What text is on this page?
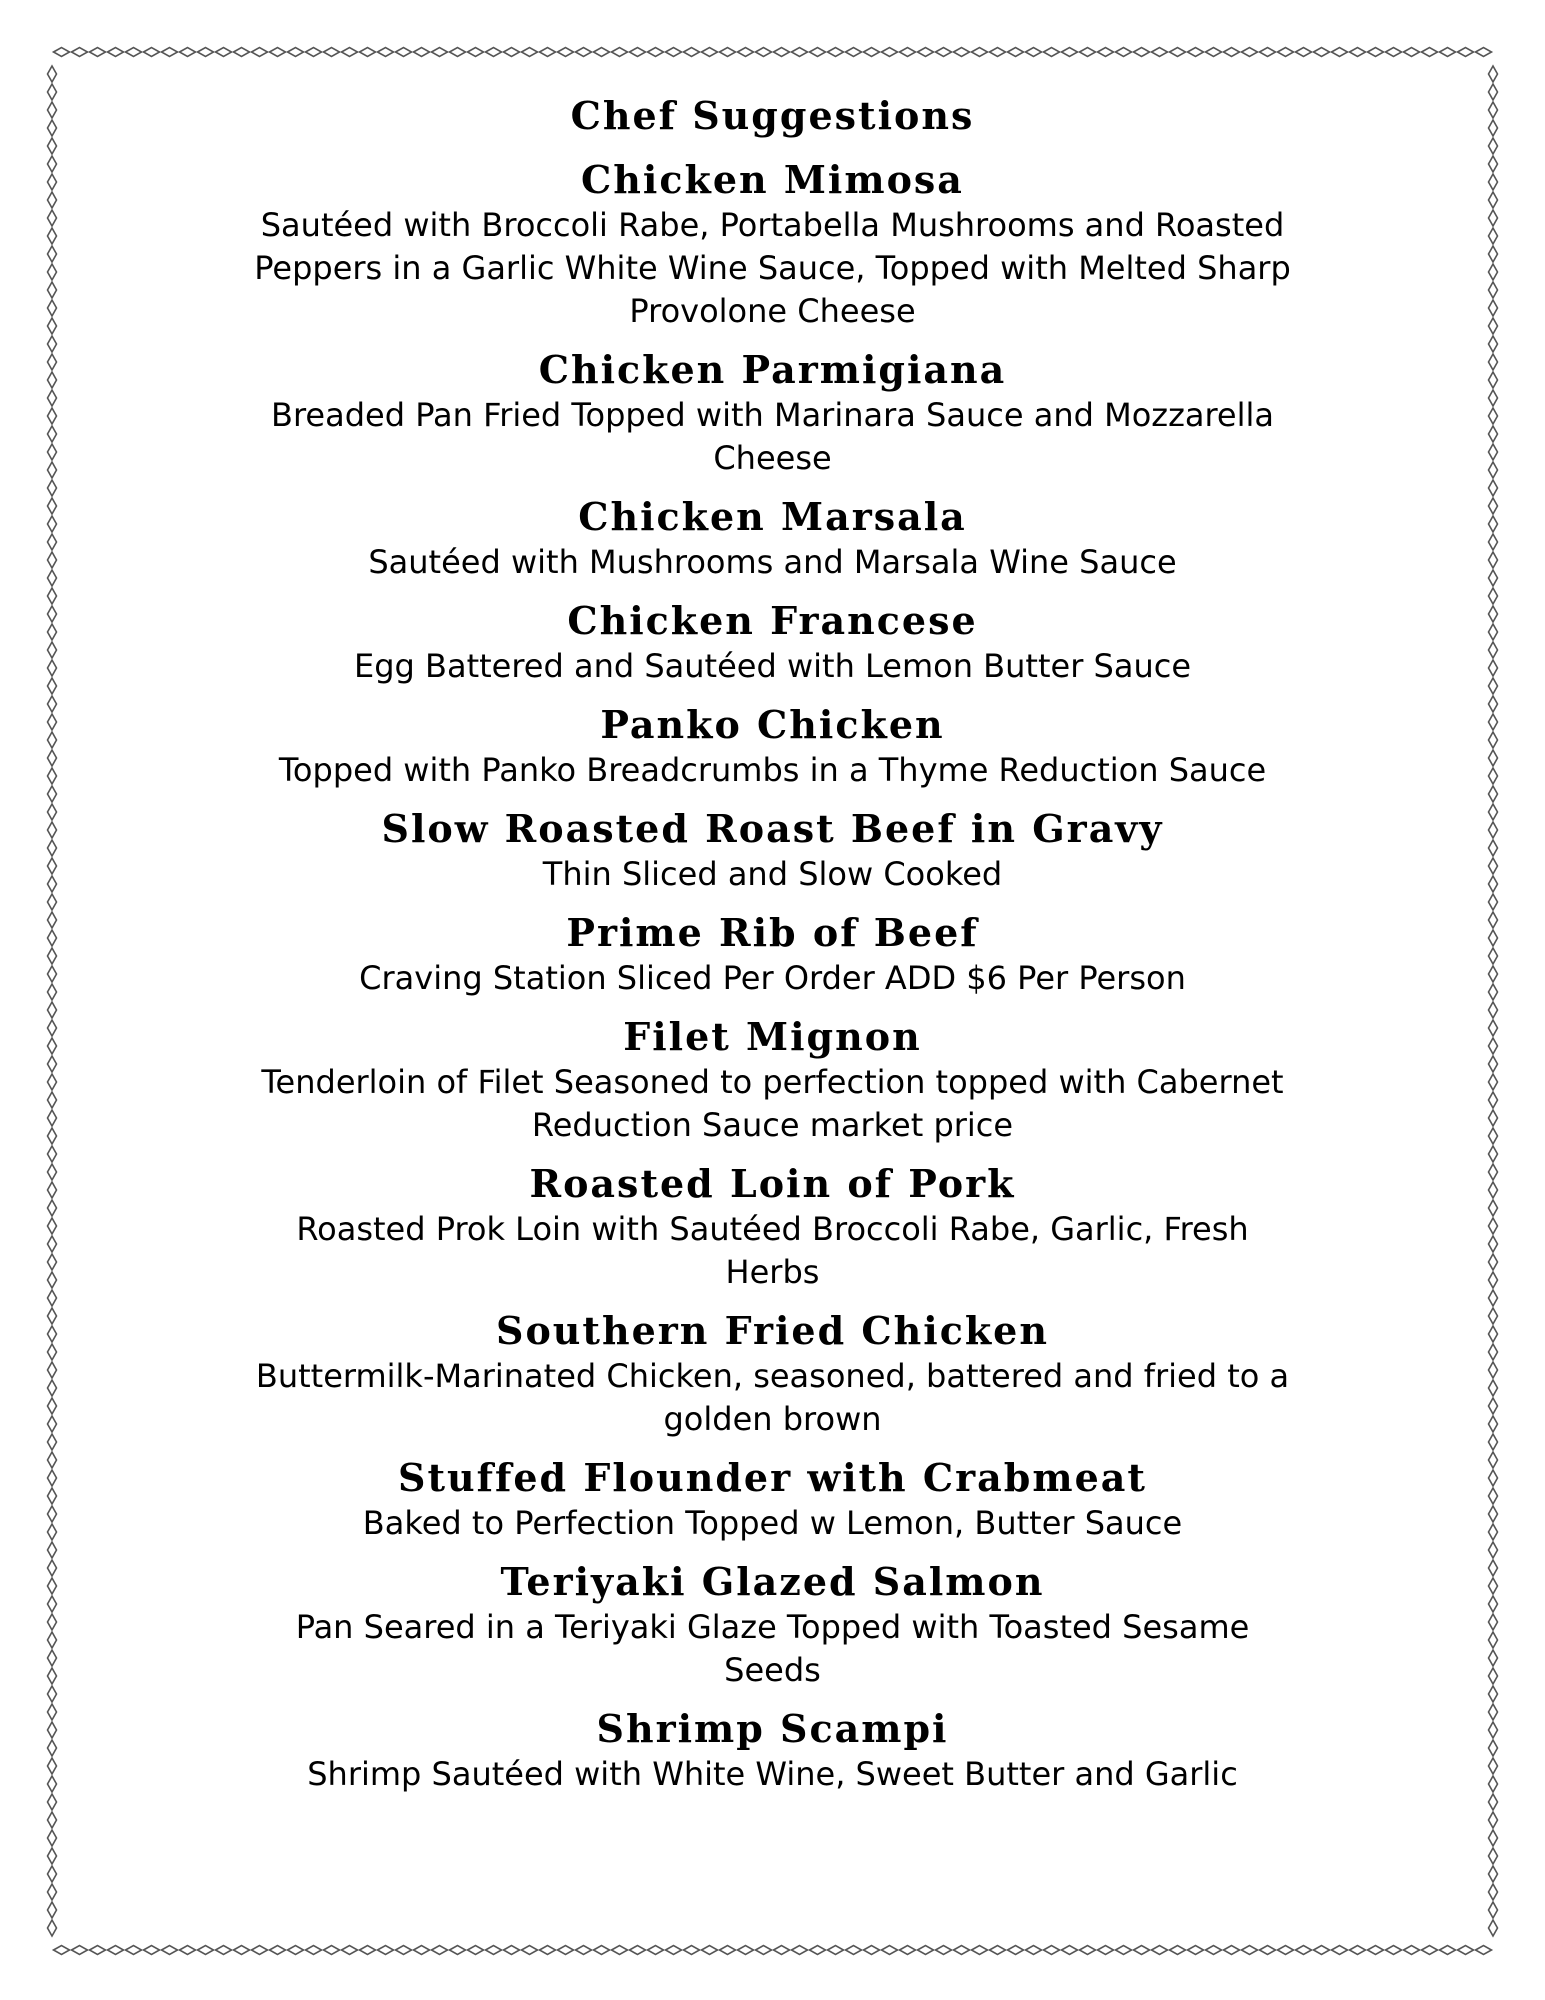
Chef Suggestions
Chicken Mimosa
Sautéed with Broccoli Rabe, Portabella Mushrooms and Roasted Peppers in a Garlic White Wine Sauce, Topped with Melted Sharp Provolone Cheese
Chicken Parmigiana
Breaded Pan Fried Topped with Marinara Sauce and Mozzarella Cheese
Chicken Marsala
Sautéed with Mushrooms and Marsala Wine Sauce
Chicken Francese
Egg Battered and Sautéed with Lemon Butter Sauce
Panko Chicken
Topped with Panko Breadcrumbs in a Thyme Reduction Sauce
Slow Roasted Roast Beef in Gravy
Thin Sliced and Slow Cooked
Prime Rib of Beef
Craving Station Sliced Per Order ADD $6 Per Person
Filet Mignon
Tenderloin of Filet Seasoned to perfection topped with Cabernet Reduction Sauce market price
Roasted Loin of Pork
Roasted Prok Loin with Sautéed Broccoli Rabe, Garlic, Fresh Herbs
Southern Fried Chicken
Buttermilk-Marinated Chicken, seasoned, battered and fried to a golden brown
Stuffed Flounder with Crabmeat
Baked to Perfection Topped w Lemon, Butter Sauce
Teriyaki Glazed Salmon
Pan Seared in a Teriyaki Glaze Topped with Toasted Sesame Seeds
Shrimp Scampi
Shrimp Sautéed with White Wine, Sweet Butter and Garlic
